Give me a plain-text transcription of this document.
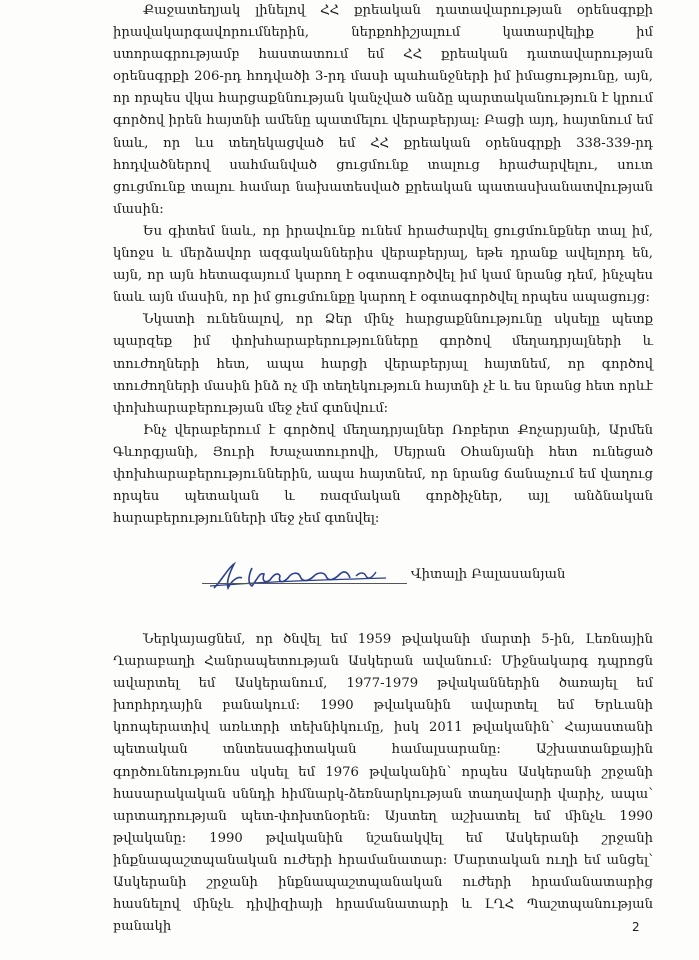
Քաջատեղյակ լինելով ՀՀ քրեական դատավարության օրենսգրքի իրավակարգավորումներին, ներքոհիշյալում կատարվելիք իմ ստորագրությամբ հաստատում եմ ՀՀ քրեական դատավարության օրենսգրքի 206-րդ հոդվածի 3-րդ մասի պահանջների իմ իմացությունը, այն, որ որպես վկա հարցաքննության կանչված անձը պարտականություն է կրում գործով իրեն հայտնի ամենը պատմելու վերաբերյալ: Բացի այդ, հայտնում եմ նաև, որ ևս տեղեկացված եմ ՀՀ քրեական օրենսգրքի 338-339-րդ հոդվածներով սահմանված ցուցմունք տալուց հրաժարվելու, սուտ ցուցմունք տալու համար նախատեսված քրեական պատասխանատվության մասին:

Ես գիտեմ նաև, որ իրավունք ունեմ հրաժարվել ցուցմունքներ տալ իմ, կնոջս և մերձավոր ազգականներիս վերաբերյալ, եթե դրանք ավելորդ են, այն, որ այն հետագայում կարող է օգտագործվել իմ կամ նրանց դեմ, ինչպես նաև այն մասին, որ իմ ցուցմունքը կարող է օգտագործվել որպես ապացույց:

Նկատի ունենալով, որ Ձեր մինչ հարցաքննությունը սկսելը պետք պարզեք իմ փոխհարաբերությունները գործով մեղադրյալների և տուժողների հետ, ապա հարցի վերաբերյալ հայտնեմ, որ գործով տուժողների մասին ինձ ոչ մի տեղեկություն հայտնի չէ և ես նրանց հետ որևէ փոխհարաբերության մեջ չեմ գտնվում:

Ինչ վերաբերում է գործով մեղադրյալներ Ռոբերտ Քոչարյանի, Արմեն Գևորգյանի, Յուրի Խաչատուրովի, Սեյրան Օհանյանի հետ ունեցած փոխհարաբերություններին, ապա հայտնեմ, որ նրանց ճանաչում եմ վաղուց որպես պետական և ռազմական գործիչներ, այլ անձնական հարաբերությունների մեջ չեմ գտնվել:

Վիտալի Բալասանյան

Ներկայացնեմ, որ ծնվել եմ 1959 թվականի մարտի 5-ին, Լեռնային Ղարաբաղի Հանրապետության Ասկերան ավանում: Միջնակարգ դպրոցն ավարտել եմ Ասկերանում, 1977-1979 թվականներին ծառայել եմ խորհրդային բանակում: 1990 թվականին ավարտել եմ Երևանի կոոպերատիվ առևտրի տեխնիկումը, իսկ 2011 թվականին՝ Հայաստանի պետական տնտեսագիտական համալսարանը: Աշխատանքային գործունեությունս սկսել եմ 1976 թվականին՝ որպես Ասկերանի շրջանի հասարակական սննդի հիմնարկ-ձեռնարկության տաղավարի վարիչ, ապա՝ արտադրության պետ-փոխտնօրեն: Այստեղ աշխատել եմ մինչև 1990 թվականը: 1990 թվականին նշանակվել եմ Ասկերանի շրջանի ինքնապաշտպանական ուժերի հրամանատար: Մարտական ուղի եմ անցել՝ Ասկերանի շրջանի ինքնապաշտպանական ուժերի հրամանատարից հասնելով մինչև դիվիզիայի հրամանատարի և ԼՂՀ Պաշտպանության բանակի	2
